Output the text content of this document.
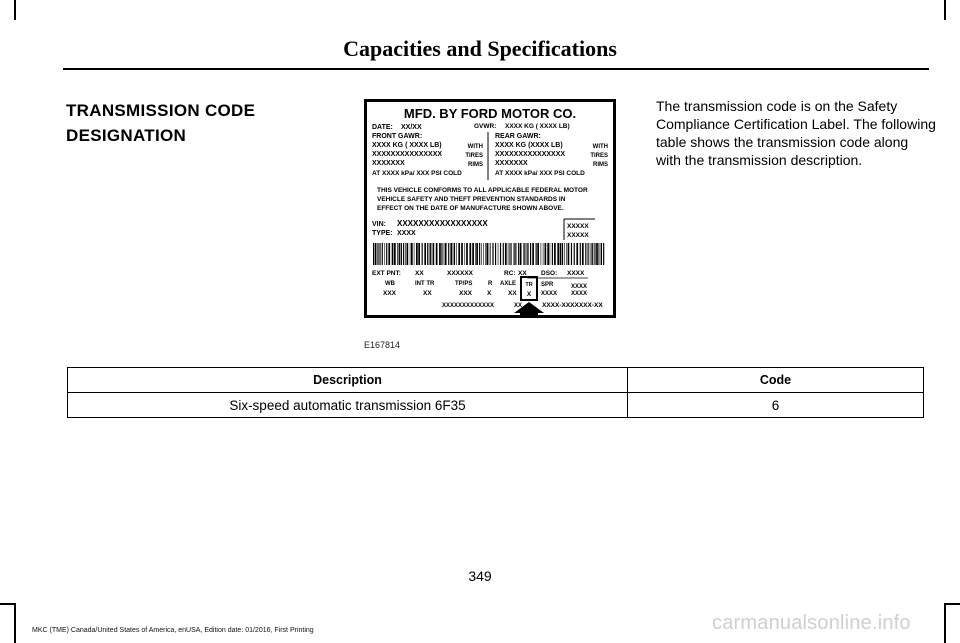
Capacities and Specifications
TRANSMISSION CODE
DESIGNATION
The transmission code is on the Safety Compliance Certification Label. The following table shows the transmission code along with the transmission description.
MFD. BY FORD MOTOR CO.
DATE: XX/XX	GVWR: XXXX KG ( XXXX LB)
FRONT GAWR:	REAR GAWR:
XXXX KG ( XXXX LB)	XXXX KG (XXXX LB)
WITH	WITH
XXXXXXXXXXXXXXX	XXXXXXXXXXXXXXX
TIRES	TIRES
XXXXXXX	XXXXXXX
RIMS	RIMS
AT XXXX kPa/ XXX PSI COLD	AT XXXX kPa/ XXX PSI COLD
THIS VEHICLE CONFORMS TO ALL APPLICABLE FEDERAL MOTOR
VEHICLE SAFETY AND THEFT PREVENTION STANDARDS IN
EFFECT ON THE DATE OF MANUFACTURE SHOWN ABOVE.
VIN: XXXXXXXXXXXXXXXXX
TYPE: XXXX
XXXXX
XXXXX
EXT PNT: XX	XXXXXX	RC: XX DSO: XXXX
WB
XXX
INT TR
XX
TP/PS
XXX
R
X
AXLE
XX
TR
X
SPR	XXXX
XXXX XXXX
XXXXXXXXXXXXX	XX	XXXX-XXXXXXX-XX
E167814
Description	Code
Six-speed automatic transmission 6F35	6
349
MKC (TME) Canada/United States of America, enUSA, Edition date: 01/2016, First Printing	carmanualsonline.info
